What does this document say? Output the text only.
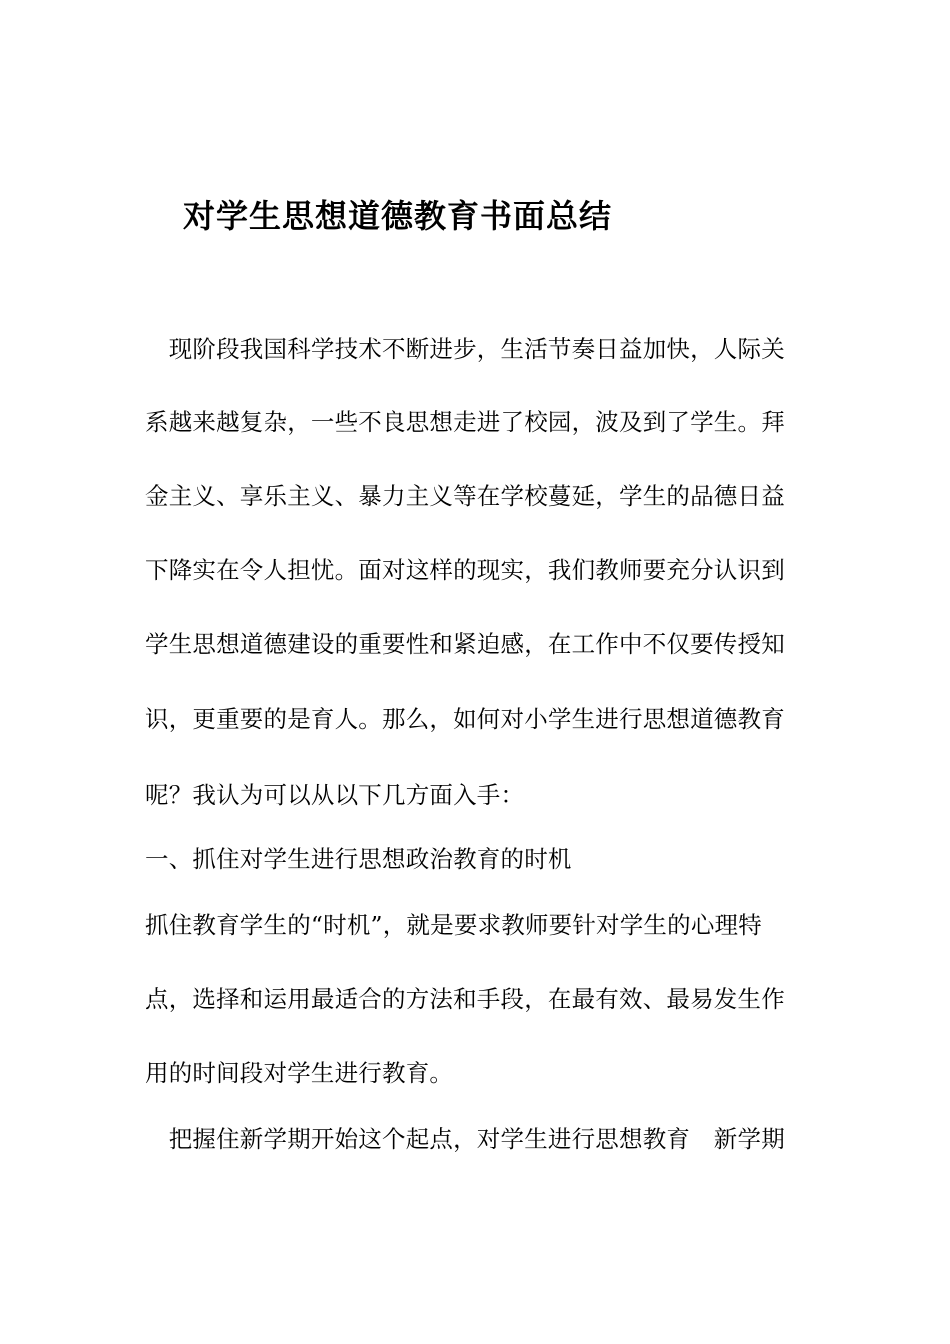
对学生思想道德教育书面总结
　现阶段我国科学技术不断进步，生活节奏日益加快，人际关
系越来越复杂，一些不良思想走进了校园，波及到了学生。拜
金主义、享乐主义、暴力主义等在学校蔓延，学生的品德日益
下降实在令人担忧。面对这样的现实，我们教师要充分认识到
学生思想道德建设的重要性和紧迫感，在工作中不仅要传授知
识，更重要的是育人。那么，如何对小学生进行思想道德教育
呢？我认为可以从以下几方面入手：
一、抓住对学生进行思想政治教育的时机
抓住教育学生的“时机”，就是要求教师要针对学生的心理特
点，选择和运用最适合的方法和手段，在最有效、最易发生作
用的时间段对学生进行教育。
　把握住新学期开始这个起点，对学生进行思想教育　新学期
